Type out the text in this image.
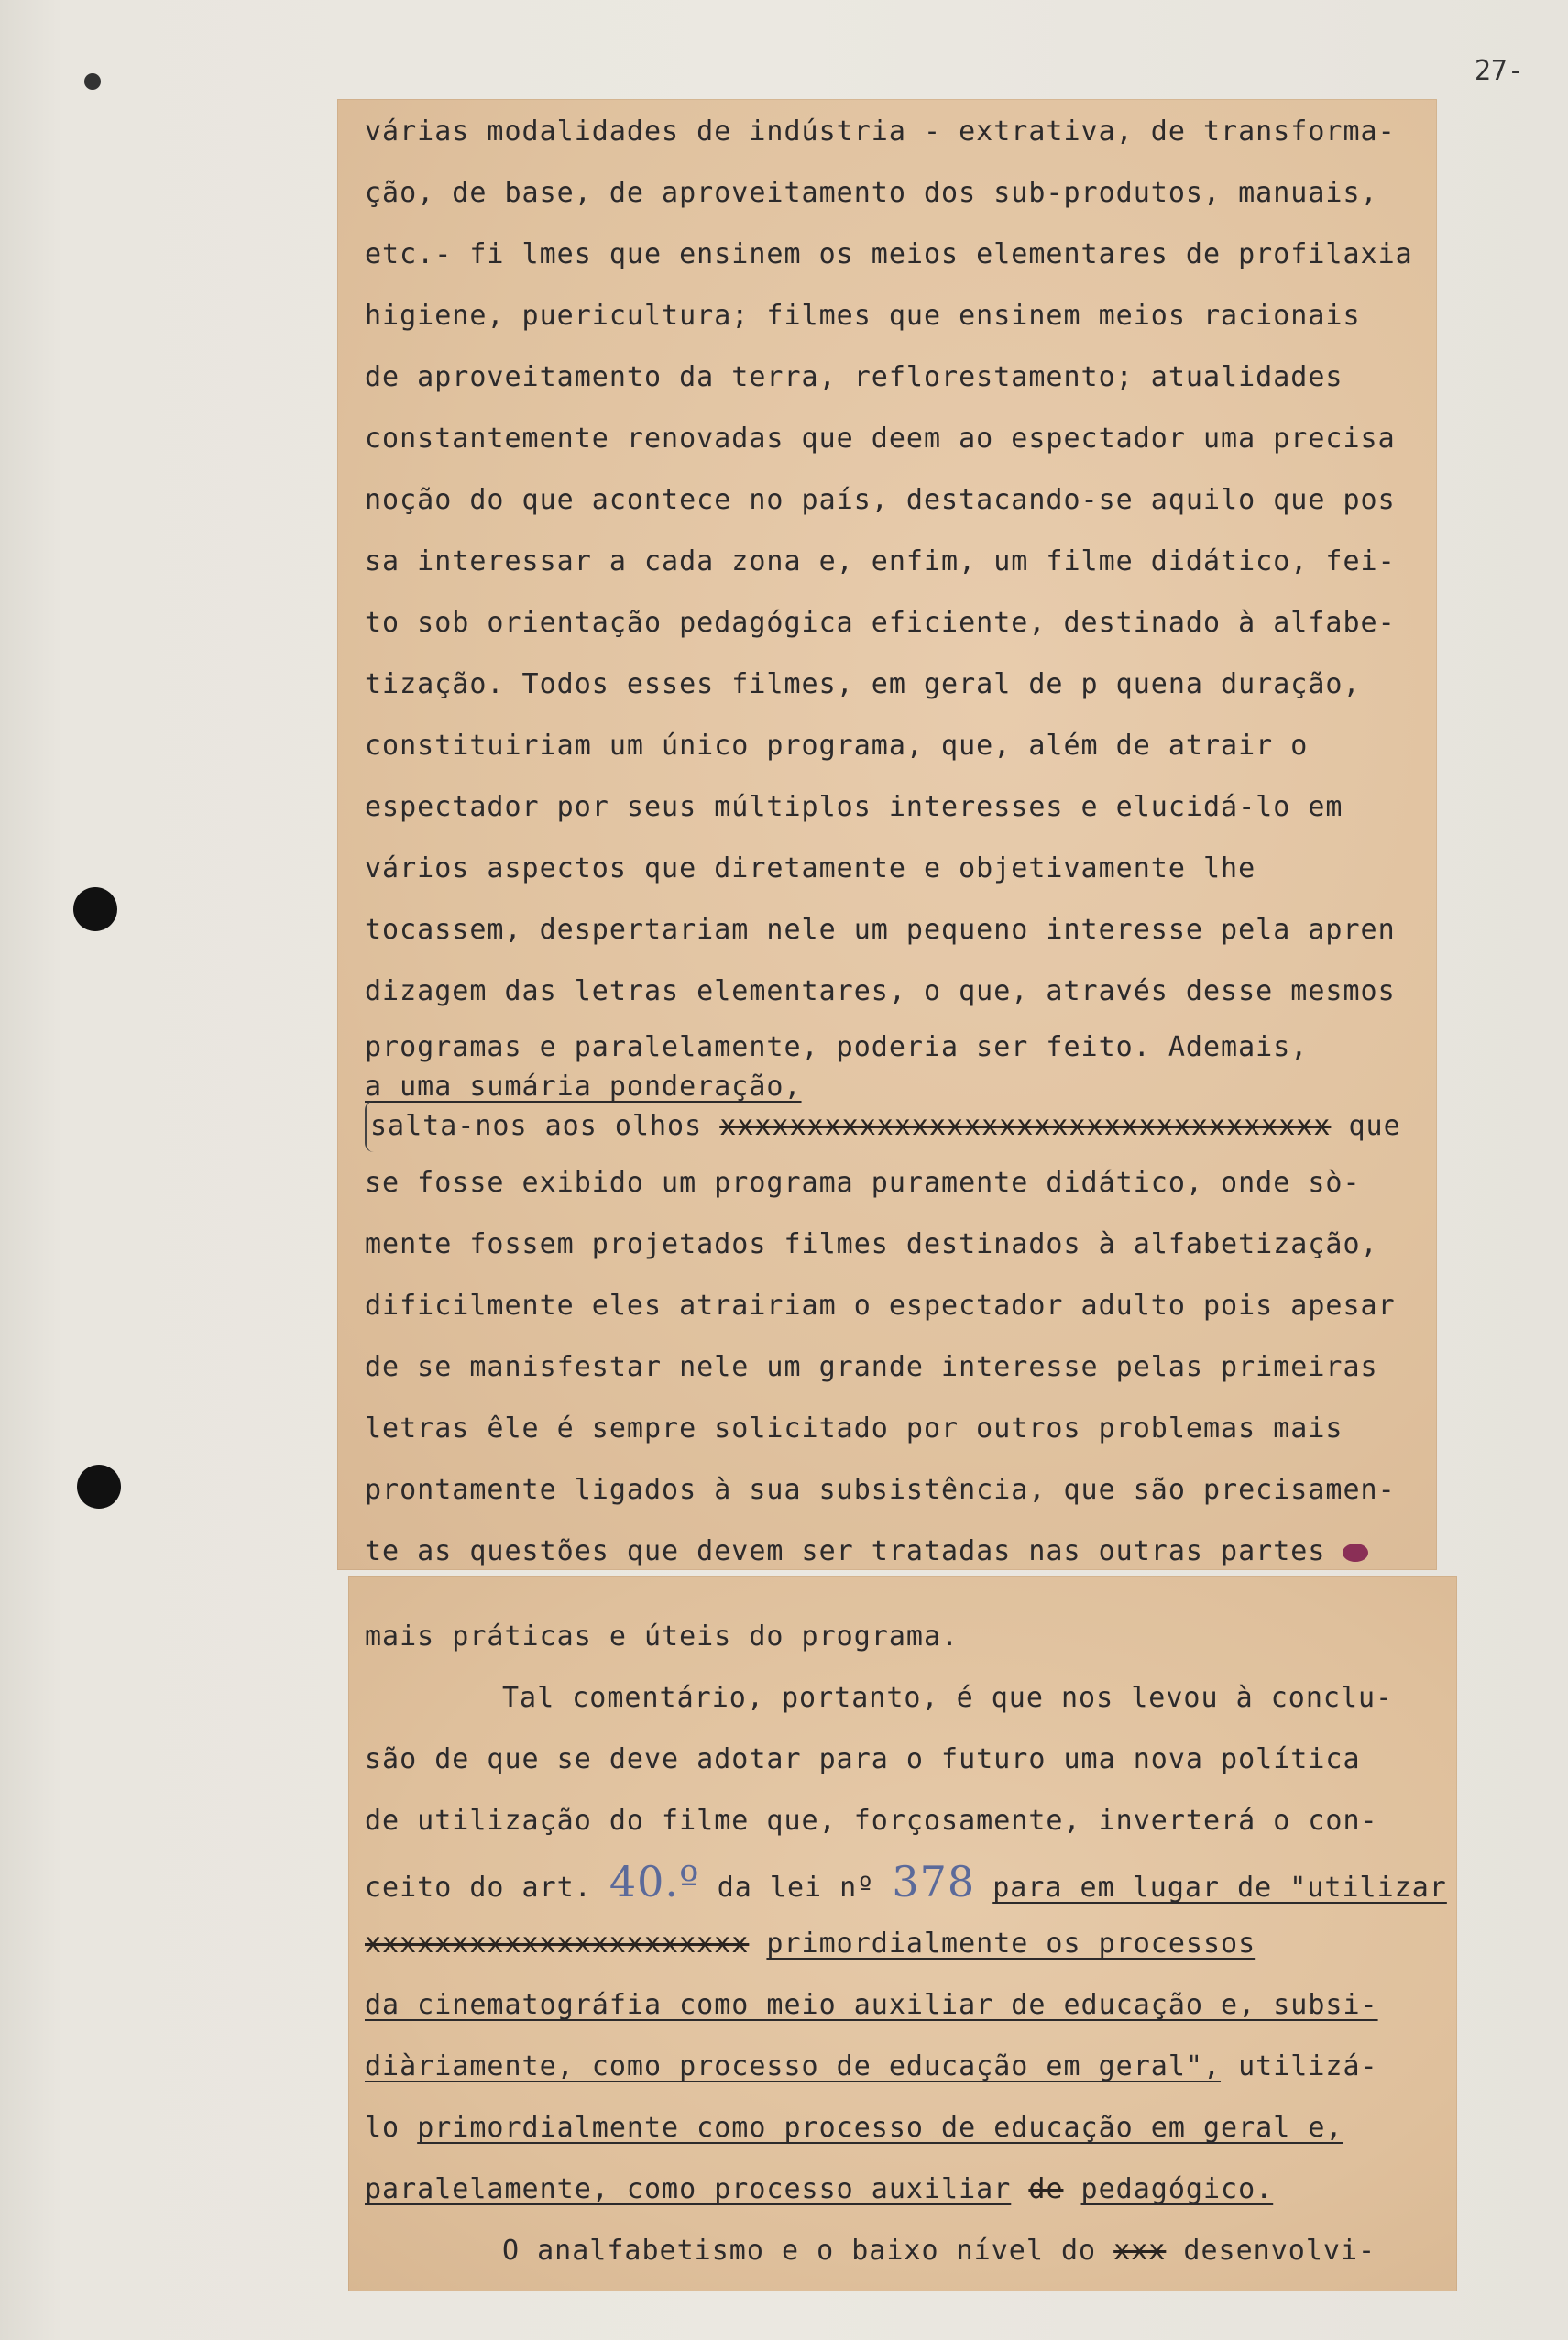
27-
várias modalidades de indústria - extrativa, de transforma-
ção, de base, de aproveitamento dos sub-produtos, manuais,
etc.- fi lmes que ensinem os meios elementares de profilaxia
higiene, puericultura; filmes que ensinem meios racionais
de aproveitamento da terra, reflorestamento; atualidades
constantemente renovadas que deem ao espectador uma precisa
noção do que acontece no país, destacando-se aquilo que pos
sa interessar a cada zona e, enfim, um filme didático, fei-
to sob orientação pedagógica eficiente, destinado à alfabe-
tização. Todos esses filmes, em geral de p quena duração,
constituiriam um único programa, que, além de atrair o
espectador por seus múltiplos interesses e elucidá-lo em
vários aspectos que diretamente e objetivamente lhe
tocassem, despertariam nele um pequeno interesse pela apren
dizagem das letras elementares, o que, através desse mesmos
programas e paralelamente, poderia ser feito. Ademais,
a uma sumária ponderação,
salta-nos aos olhos xxxxxxxxxxxxxxxxxxxxxxxxxxxxxxxxxxx que
se fosse exibido um programa puramente didático, onde sò-
mente fossem projetados filmes destinados à alfabetização,
dificilmente eles atrairiam o espectador adulto pois apesar
de se manisfestar nele um grande interesse pelas primeiras
letras êle é sempre solicitado por outros problemas mais
prontamente ligados à sua subsistência, que são precisamen-
te as questões que devem ser tratadas nas outras partes
mais práticas e úteis do programa.
Tal comentário, portanto, é que nos levou à conclu-
são de que se deve adotar para o futuro uma nova política
de utilização do filme que, forçosamente, inverterá o con-
ceito do art. 40.º da lei nº 378 para em lugar de "utilizar
xxxxxxxxxxxxxxxxxxxxxx primordialmente os processos
da cinematográfia como meio auxiliar de educação e, subsi-
diàriamente, como processo de educação em geral", utilizá-
lo primordialmente como processo de educação em geral e,
paralelamente, como processo auxiliar de pedagógico.
O analfabetismo e o baixo nível do xxx desenvolvi-
